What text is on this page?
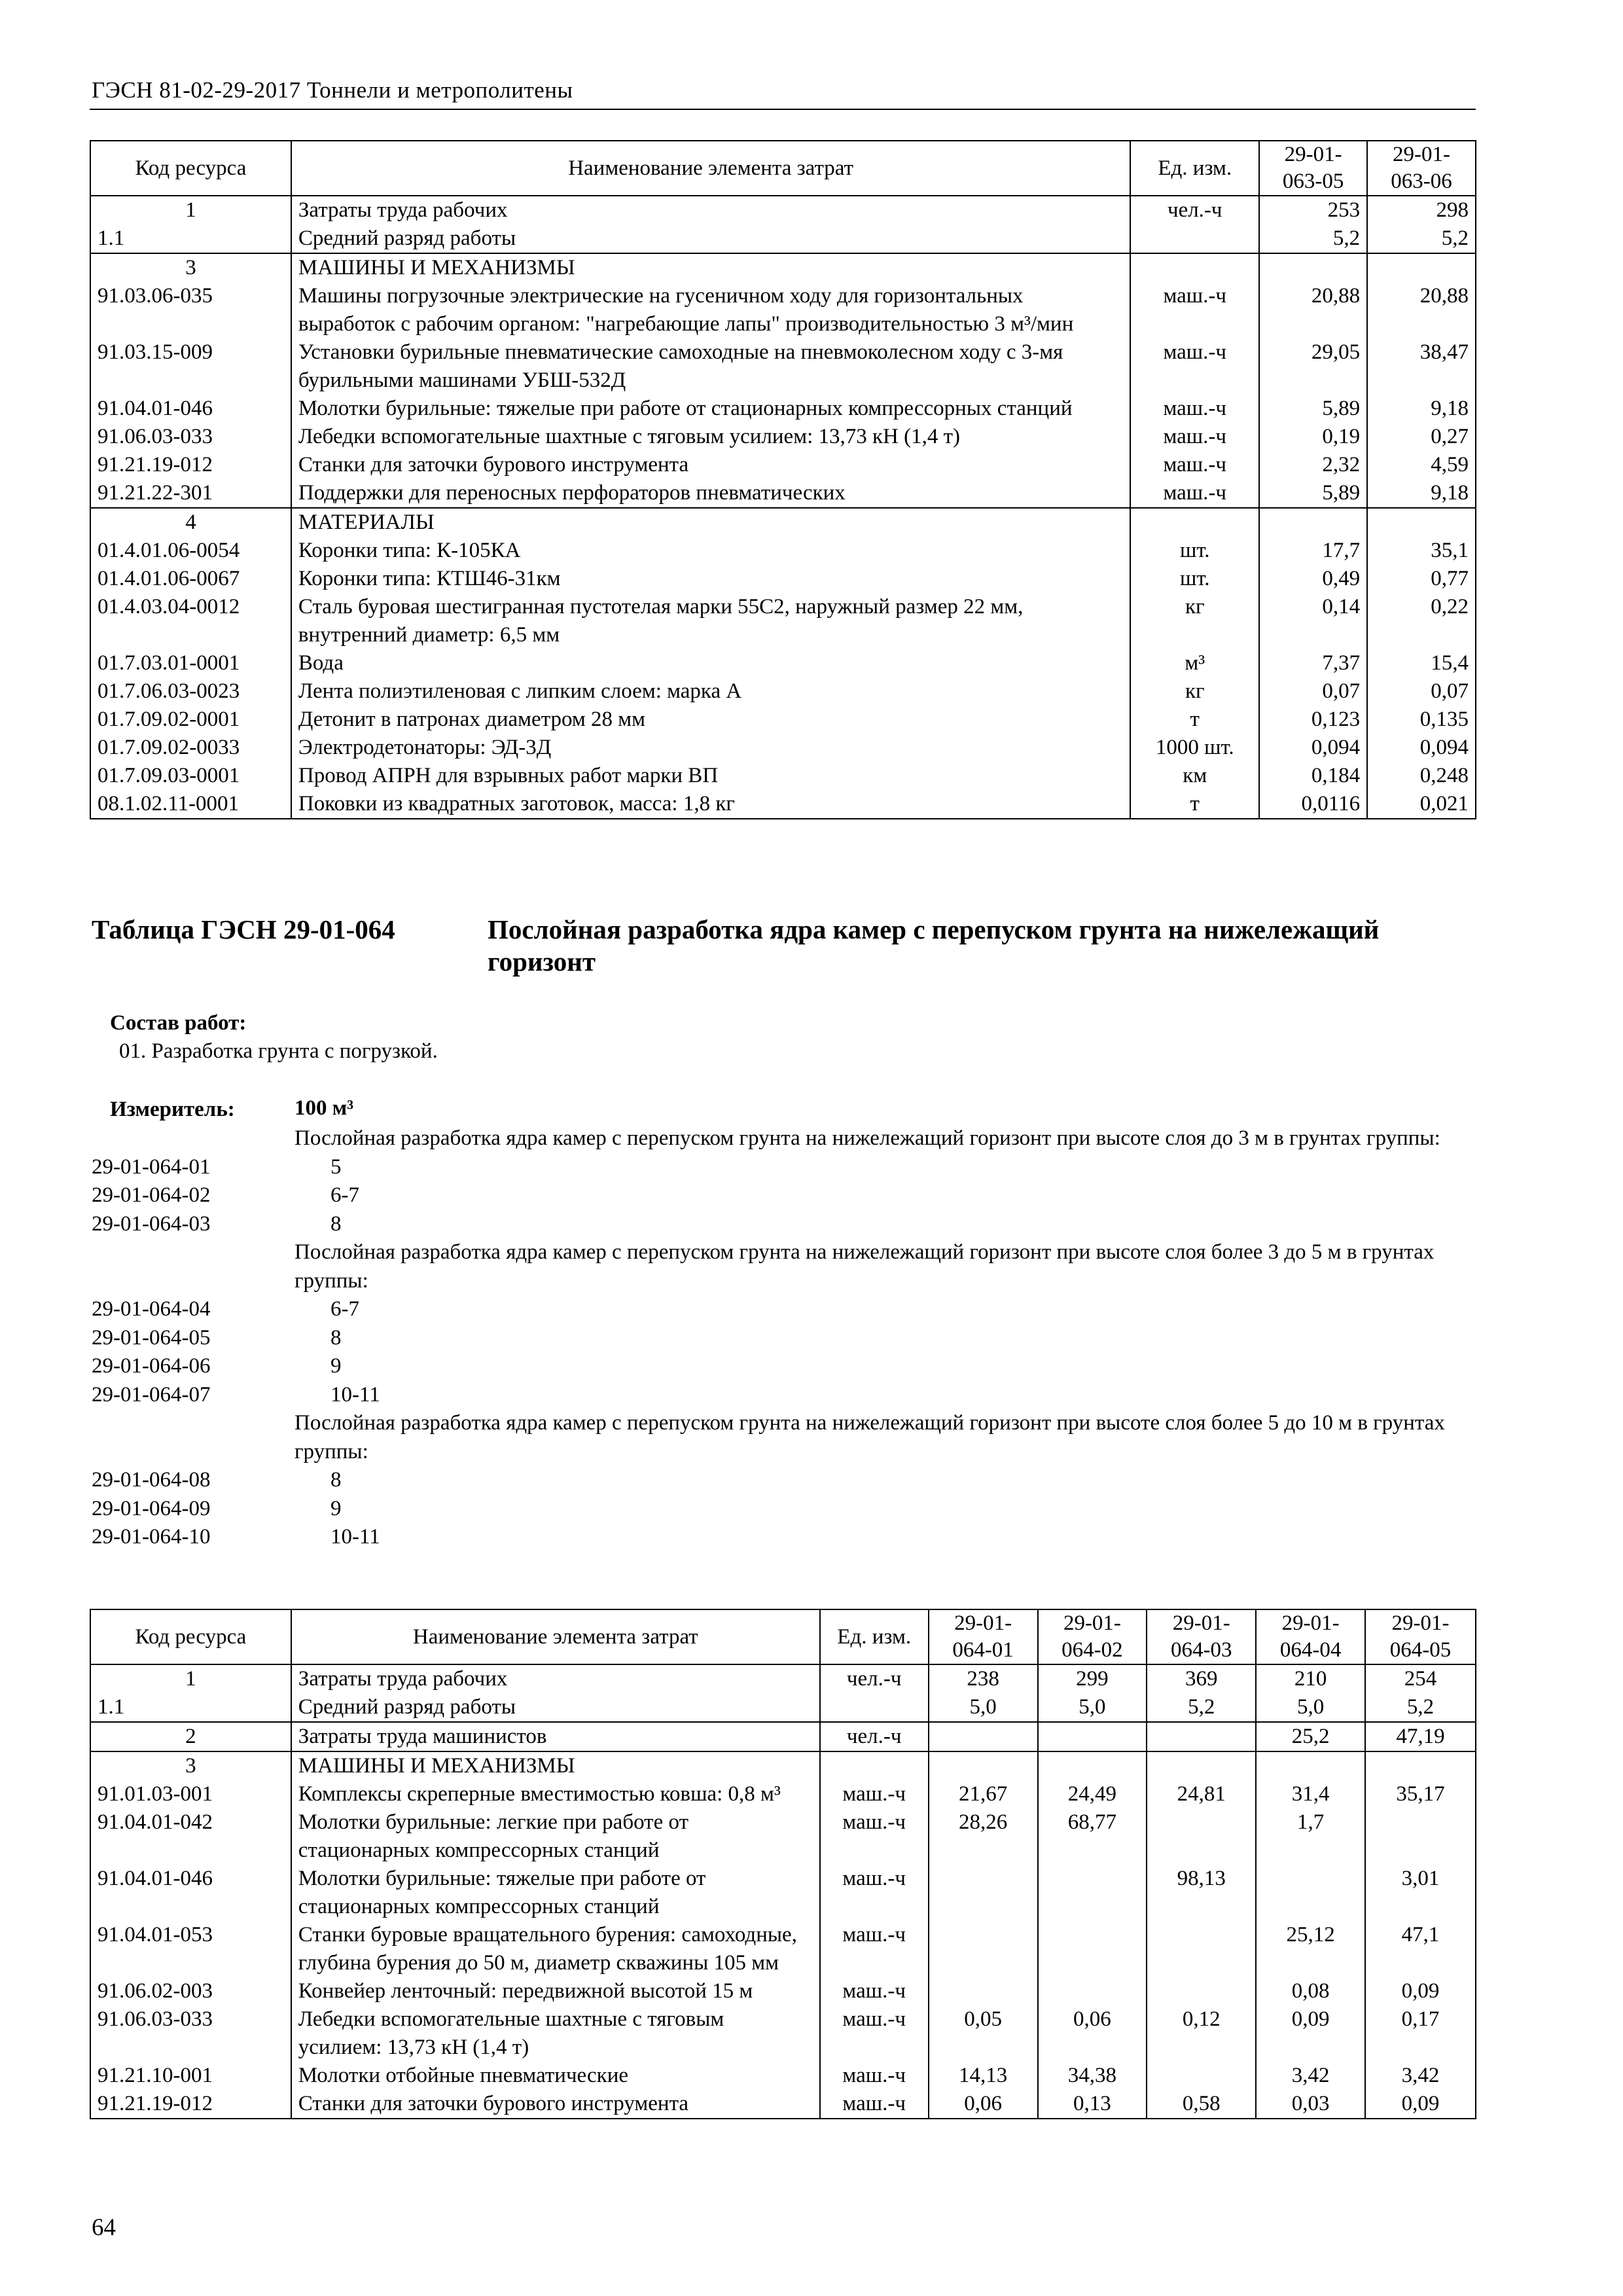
ГЭСН 81-02-29-2017 Тоннели и метрополитены
Код ресурса	Наименование элемента затрат	Ед. изм.	29-01-
063-05	29-01-
063-06
1	Затраты труда рабочих	чел.-ч	253	298
1.1	Средний разряд работы		5,2	5,2
3	МАШИНЫ И МЕХАНИЗМЫ			
91.03.06-035	Машины погрузочные электрические на гусеничном ходу для горизонтальных выработок с рабочим органом: "нагребающие лапы" производительностью 3 м³/мин	маш.-ч	20,88	20,88
91.03.15-009	Установки бурильные пневматические самоходные на пневмоколесном ходу с 3-мя бурильными машинами УБШ-532Д	маш.-ч	29,05	38,47
91.04.01-046	Молотки бурильные: тяжелые при работе от стационарных компрессорных станций	маш.-ч	5,89	9,18
91.06.03-033	Лебедки вспомогательные шахтные с тяговым усилием: 13,73 кН (1,4 т)	маш.-ч	0,19	0,27
91.21.19-012	Станки для заточки бурового инструмента	маш.-ч	2,32	4,59
91.21.22-301	Поддержки для переносных перфораторов пневматических	маш.-ч	5,89	9,18
4	МАТЕРИАЛЫ			
01.4.01.06-0054	Коронки типа: К-105КА	шт.	17,7	35,1
01.4.01.06-0067	Коронки типа: КТШ46-31км	шт.	0,49	0,77
01.4.03.04-0012	Сталь буровая шестигранная пустотелая марки 55С2, наружный размер 22 мм, внутренний диаметр: 6,5 мм	кг	0,14	0,22
01.7.03.01-0001	Вода	м³	7,37	15,4
01.7.06.03-0023	Лента полиэтиленовая с липким слоем: марка А	кг	0,07	0,07
01.7.09.02-0001	Детонит в патронах диаметром 28 мм	т	0,123	0,135
01.7.09.02-0033	Электродетонаторы: ЭД-3Д	1000 шт.	0,094	0,094
01.7.09.03-0001	Провод АПРН для взрывных работ марки ВП	км	0,184	0,248
08.1.02.11-0001	Поковки из квадратных заготовок, масса: 1,8 кг	т	0,0116	0,021
Таблица ГЭСН 29-01-064	Послойная разработка ядра камер с перепуском грунта на нижележащий горизонт
Состав работ:
01. Разработка грунта с погрузкой.
Измеритель:	100 м³
Послойная разработка ядра камер с перепуском грунта на нижележащий горизонт при высоте слоя до 3 м в грунтах группы:
29-01-064-01	5
29-01-064-02	6-7
29-01-064-03	8
Послойная разработка ядра камер с перепуском грунта на нижележащий горизонт при высоте слоя более 3 до 5 м в грунтах группы:
29-01-064-04	6-7
29-01-064-05	8
29-01-064-06	9
29-01-064-07	10-11
Послойная разработка ядра камер с перепуском грунта на нижележащий горизонт при высоте слоя более 5 до 10 м в грунтах группы:
29-01-064-08	8
29-01-064-09	9
29-01-064-10	10-11
Код ресурса	Наименование элемента затрат	Ед. изм.	29-01-
064-01	29-01-
064-02	29-01-
064-03	29-01-
064-04	29-01-
064-05
1	Затраты труда рабочих	чел.-ч	238	299	369	210	254
1.1	Средний разряд работы		5,0	5,0	5,2	5,0	5,2
2	Затраты труда машинистов	чел.-ч				25,2	47,19
3	МАШИНЫ И МЕХАНИЗМЫ						
91.01.03-001	Комплексы скреперные вместимостью ковша: 0,8 м³	маш.-ч	21,67	24,49	24,81	31,4	35,17
91.04.01-042	Молотки бурильные: легкие при работе от стационарных компрессорных станций	маш.-ч	28,26	68,77		1,7	
91.04.01-046	Молотки бурильные: тяжелые при работе от стационарных компрессорных станций	маш.-ч			98,13		3,01
91.04.01-053	Станки буровые вращательного бурения: самоходные, глубина бурения до 50 м, диаметр скважины 105 мм	маш.-ч				25,12	47,1
91.06.02-003	Конвейер ленточный: передвижной высотой 15 м	маш.-ч				0,08	0,09
91.06.03-033	Лебедки вспомогательные шахтные с тяговым усилием: 13,73 кН (1,4 т)	маш.-ч	0,05	0,06	0,12	0,09	0,17
91.21.10-001	Молотки отбойные пневматические	маш.-ч	14,13	34,38		3,42	3,42
91.21.19-012	Станки для заточки бурового инструмента	маш.-ч	0,06	0,13	0,58	0,03	0,09
64
